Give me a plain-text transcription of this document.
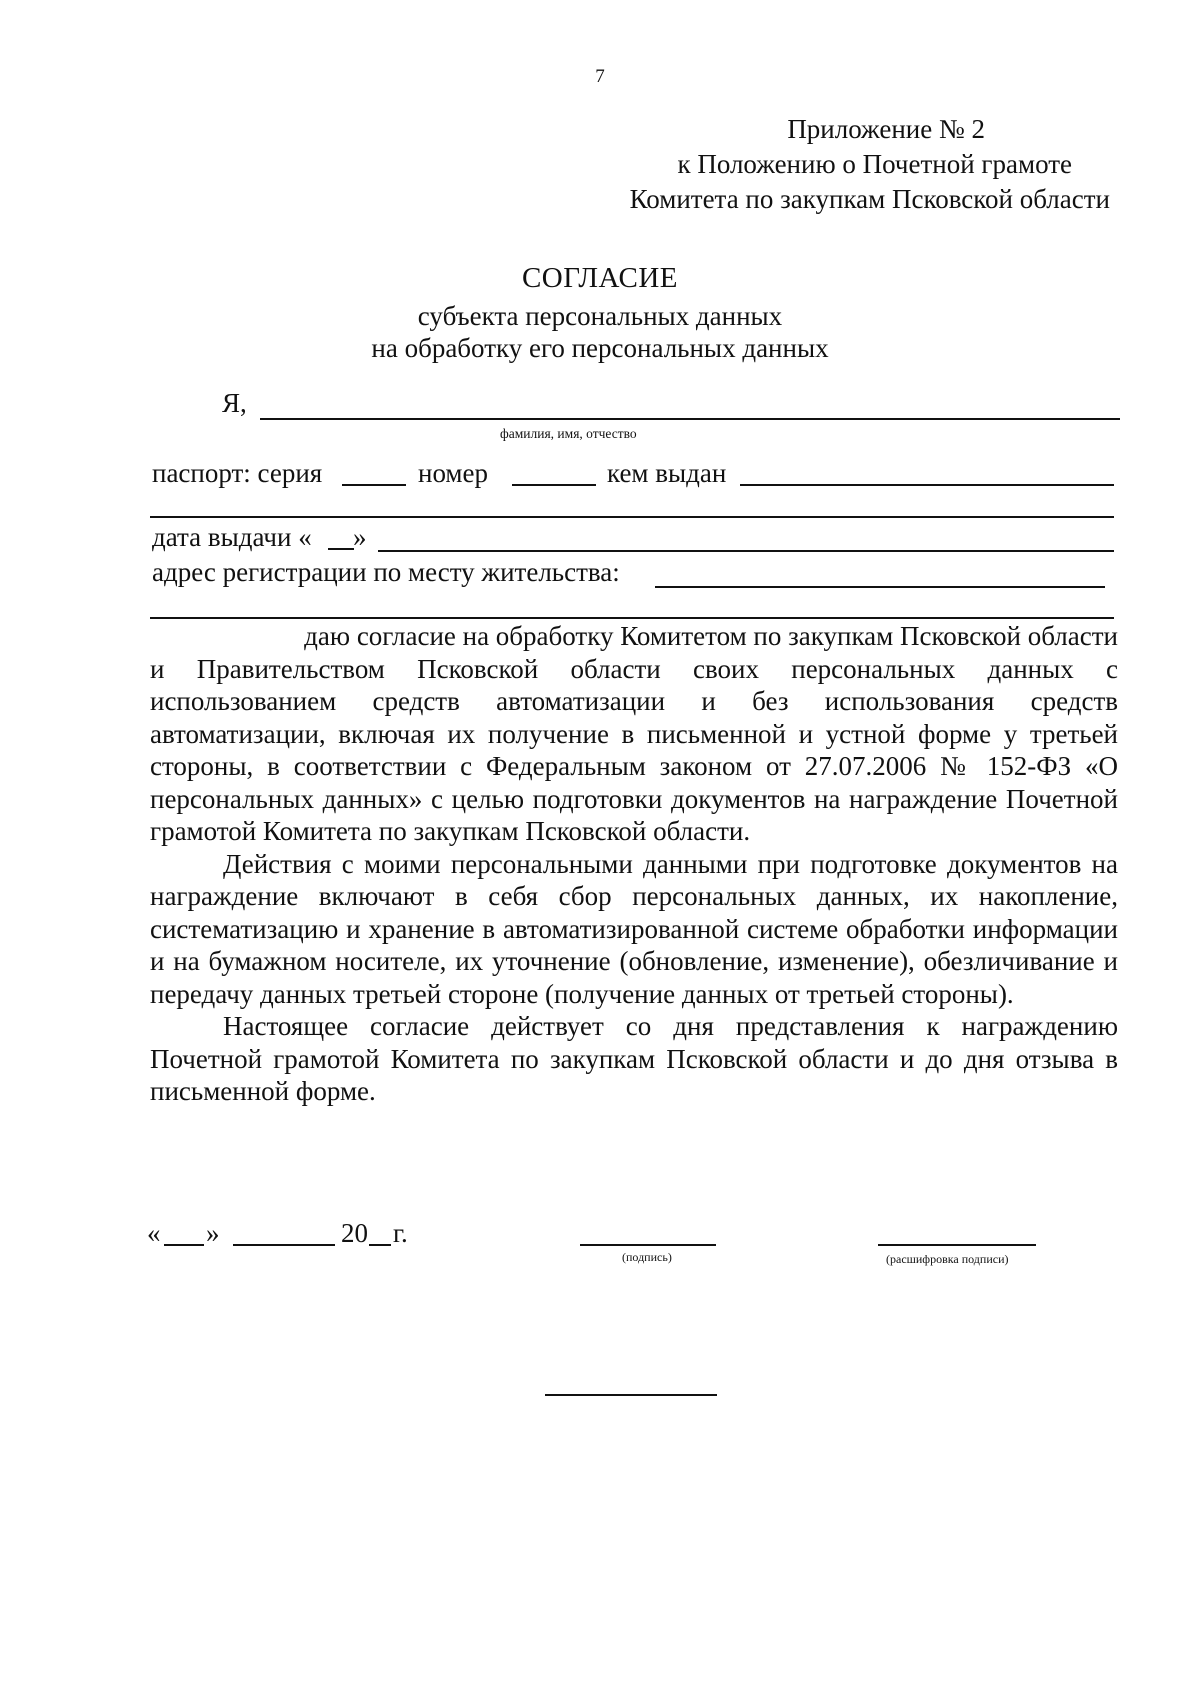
7
Приложение № 2
к Положению о Почетной грамоте
Комитета по закупкам Псковской области
СОГЛАСИЕ
субъекта персональных данных
на обработку его персональных данных
Я,
фамилия, имя, отчество
паспорт: серия	номер	кем выдан
дата выдачи « »
адрес регистрации по месту жительства:

даю согласие на обработку Комитетом по закупкам Псковской области

и Правительством Псковской области своих персональных данных с использованием средств автоматизации и без использования средств автоматизации, включая их получение в письменной и устной форме у третьей стороны, в соответствии с Федеральным законом от 27.07.2006 № 152-ФЗ «О персональных данных» с целью подготовки документов на награждение Почетной грамотой Комитета по закупкам Псковской области.

Действия с моими персональными данными при подготовке документов на награждение включают в себя сбор персональных данных, их накопление, систематизацию и хранение в автоматизированной системе обработки информации и на бумажном носителе, их уточнение (обновление, изменение), обезличивание и передачу данных третьей стороне (получение данных от третьей стороны).

Настоящее согласие действует со дня представления к награждению Почетной грамотой Комитета по закупкам Псковской области и до дня отзыва в письменной форме.

« »	20 г.
(подпись)	(расшифровка подписи)
